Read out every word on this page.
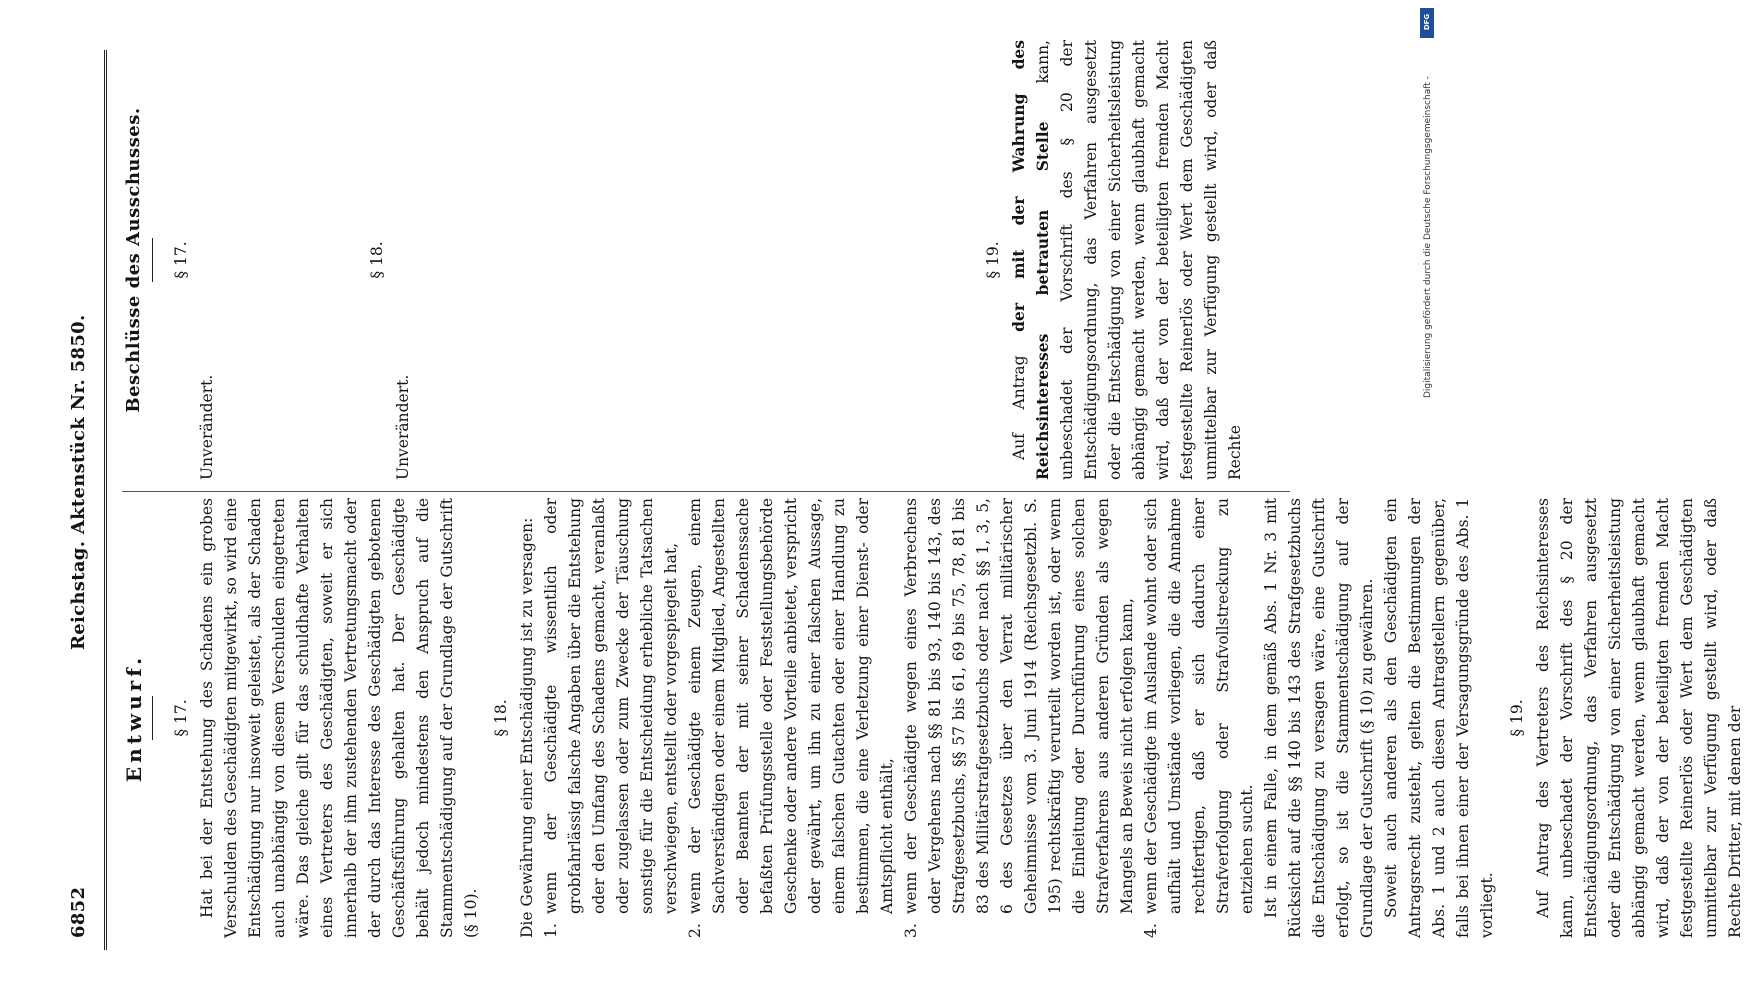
6852
Reichstag. Aktenstück Nr. 5850.
Entwurf. § 17. Hat bei der Entstehung des Schadens ein grobes Verschulden des Geschädigten mitgewirkt, so wird eine Entschädigung nur insoweit geleistet, als der Schaden auch unabhängig von diesem Verschulden eingetreten wäre. Das gleiche gilt für das schuldhafte Verhalten eines Vertreters des Geschädigten, soweit er sich innerhalb der ihm zustehenden Vertretungsmacht oder der durch das Interesse des Geschädigten gebotenen Geschäftsführung gehalten hat. Der Geschädigte behält jedoch mindestens den Anspruch auf die Stammentschädigung auf der Grundlage der Gutschrift (§ 10).

§ 18. Die Gewährung einer Entschädigung ist zu versagen: 1.
wenn der Geschädigte wissentlich oder grobfahrlässig falsche Angaben über die Entstehung oder den Umfang des Schadens gemacht, veranlaßt oder zugelassen oder zum Zwecke der Täuschung sonstige für die Entscheidung erhebliche Tatsachen verschwiegen, entstellt oder vorgespiegelt hat,
2.
wenn der Geschädigte einem Zeugen, einem Sachverständigen oder einem Mitglied, Angestellten oder Beamten der mit seiner Schadenssache befaßten Prüfungsstelle oder Feststellungsbehörde Geschenke oder andere Vorteile anbietet, verspricht oder gewährt, um ihn zu einer falschen Aussage, einem falschen Gutachten oder einer Handlung zu bestimmen, die eine Verletzung einer Dienst- oder Amtspflicht enthält,
3.
wenn der Geschädigte wegen eines Verbrechens oder Vergehens nach §§ 81 bis 93, 140 bis 143, des Strafgesetzbuchs, §§ 57 bis 61, 69 bis 75, 78, 81 bis 83 des Militärstrafgesetzbuchs oder nach §§ 1, 3, 5, 6 des Gesetzes über den Verrat militärischer Geheimnisse vom 3. Juni 1914 (Reichsgesetzbl. S. 195) rechtskräftig verurteilt worden ist, oder wenn die Einleitung oder Durchführung eines solchen Strafverfahrens aus anderen Gründen als wegen Mangels an Beweis nicht erfolgen kann,
4.
wenn der Geschädigte im Auslande wohnt oder sich aufhält und Umstände vorliegen, die die Annahme rechtfertigen, daß er sich dadurch einer Strafverfolgung oder Strafvollstreckung zu entziehen sucht. Ist in einem Falle, in dem gemäß Abs. 1 Nr. 3 mit Rücksicht auf die §§ 140 bis 143 des Strafgesetzbuchs die Entschädigung zu versagen wäre, eine Gutschrift erfolgt, so ist die Stammentschädigung auf der Grundlage der Gutschrift (§ 10) zu gewähren. Soweit auch anderen als den Geschädigten ein Antragsrecht zusteht, gelten die Bestimmungen der Abs. 1 und 2 auch diesen Antragstellern gegenüber, falls bei ihnen einer der Versagungsgründe des Abs. 1 vorliegt.

§ 19. Auf Antrag des Vertreters des Reichsinteresses kann, unbeschadet der Vorschrift des § 20 der Entschädigungsordnung, das Verfahren ausgesetzt oder die Entschädigung von einer Sicherheitsleistung abhängig gemacht werden, wenn glaubhaft gemacht wird, daß der von der beteiligten fremden Macht festgestellte Reinerlös oder Wert dem Geschädigten unmittelbar zur Verfügung gestellt wird, oder daß Rechte Dritter, mit denen der

Beschlüsse des Ausschusses. § 17.

Unverändert.

§ 18.

Unverändert.

§ 19.

Auf Antrag der mit der Wahrung des Reichsinteresses betrauten Stelle kann, unbeschadet der Vorschrift des § 20 der Entschädigungsordnung, das Verfahren ausgesetzt oder die Entschädigung von einer Sicherheitsleistung abhängig gemacht werden, wenn glaubhaft gemacht wird, daß der von der beteiligten fremden Macht festgestellte Reinerlös oder Wert dem Geschädigten unmittelbar zur Verfügung gestellt wird, oder daß Rechte

DFG
Digitalisierung gefördert durch die Deutsche Forschungsgemeinschaft -
